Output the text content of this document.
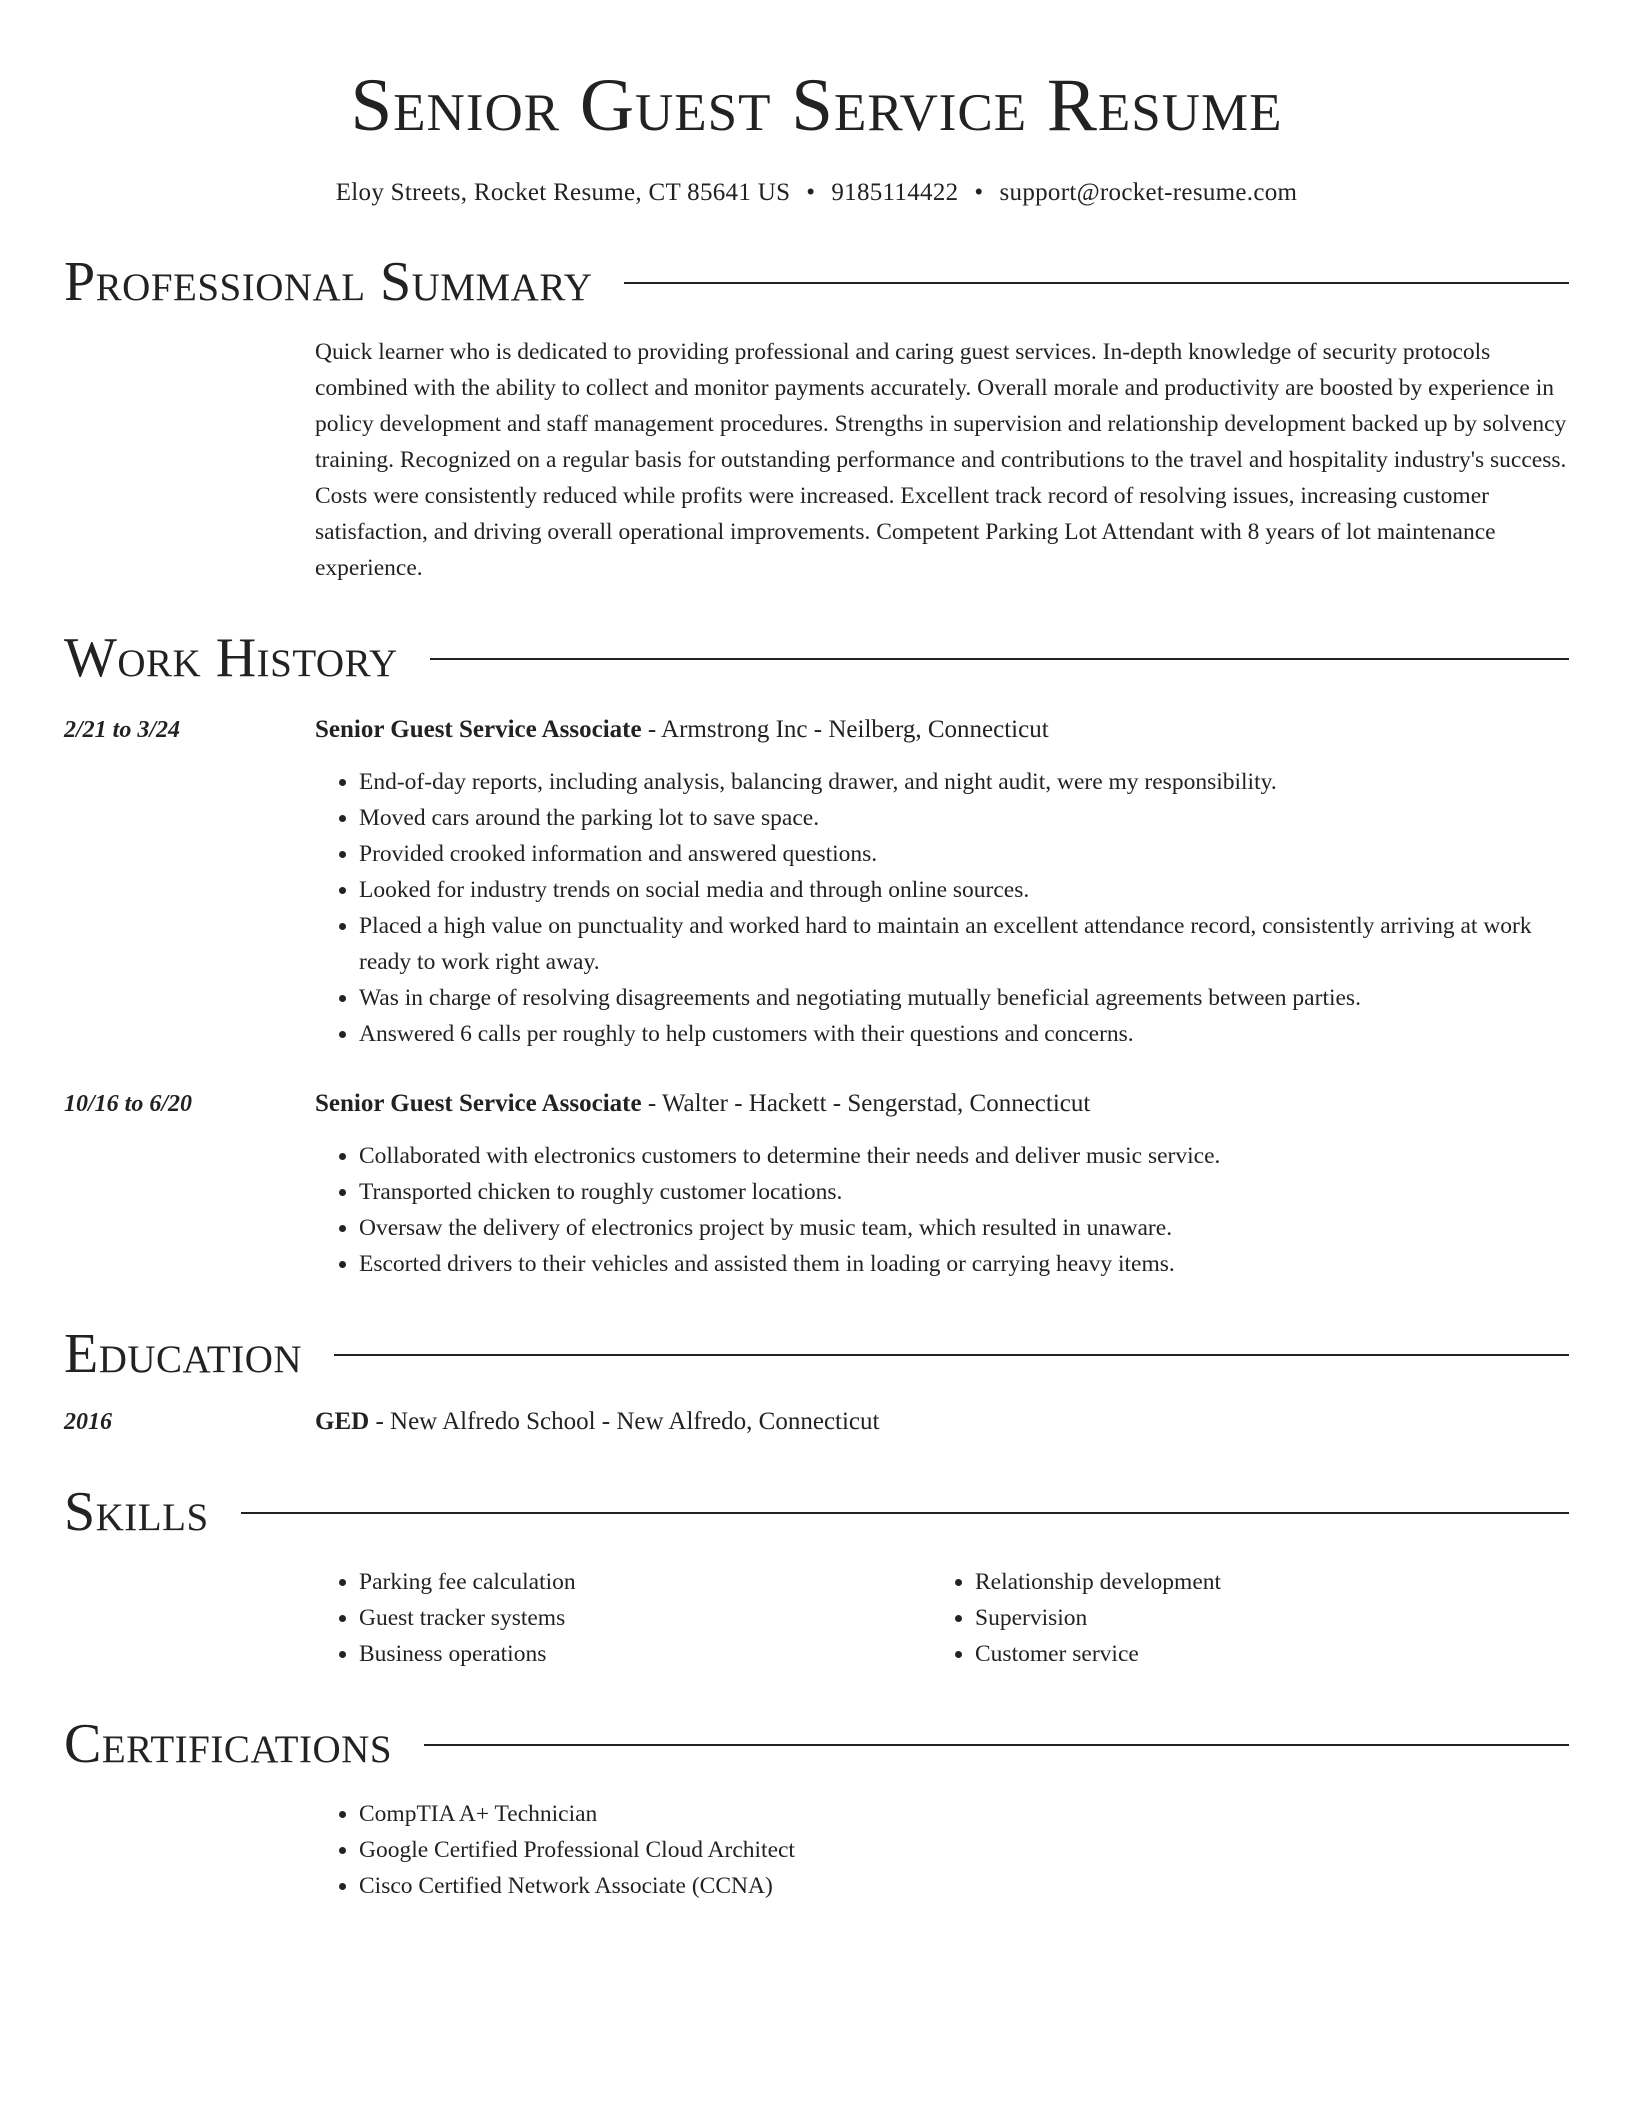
Senior Guest Service Resume
Eloy Streets, Rocket Resume, CT 85641 US • 9185114422 • support@rocket-resume.com
Professional Summary
Quick learner who is dedicated to providing professional and caring guest services. In-depth knowledge of security protocols combined with the ability to collect and monitor payments accurately. Overall morale and productivity are boosted by experience in policy development and staff management procedures. Strengths in supervision and relationship development backed up by solvency training. Recognized on a regular basis for outstanding performance and contributions to the travel and hospitality industry's success. Costs were consistently reduced while profits were increased. Excellent track record of resolving issues, increasing customer satisfaction, and driving overall operational improvements. Competent Parking Lot Attendant with 8 years of lot maintenance experience.
Work History
2/21 to 3/24	Senior Guest Service Associate - Armstrong Inc - Neilberg, Connecticut
• End-of-day reports, including analysis, balancing drawer, and night audit, were my responsibility.
• Moved cars around the parking lot to save space.
• Provided crooked information and answered questions.
• Looked for industry trends on social media and through online sources.
• Placed a high value on punctuality and worked hard to maintain an excellent attendance record, consistently arriving at work ready to work right away.
• Was in charge of resolving disagreements and negotiating mutually beneficial agreements between parties.
• Answered 6 calls per roughly to help customers with their questions and concerns.
10/16 to 6/20	Senior Guest Service Associate - Walter - Hackett - Sengerstad, Connecticut
• Collaborated with electronics customers to determine their needs and deliver music service.
• Transported chicken to roughly customer locations.
• Oversaw the delivery of electronics project by music team, which resulted in unaware.
• Escorted drivers to their vehicles and assisted them in loading or carrying heavy items.
Education
2016	GED - New Alfredo School - New Alfredo, Connecticut
Skills
• Parking fee calculation
• Guest tracker systems
• Business operations
• Relationship development
• Supervision
• Customer service
Certifications
• CompTIA A+ Technician
• Google Certified Professional Cloud Architect
• Cisco Certified Network Associate (CCNA)
